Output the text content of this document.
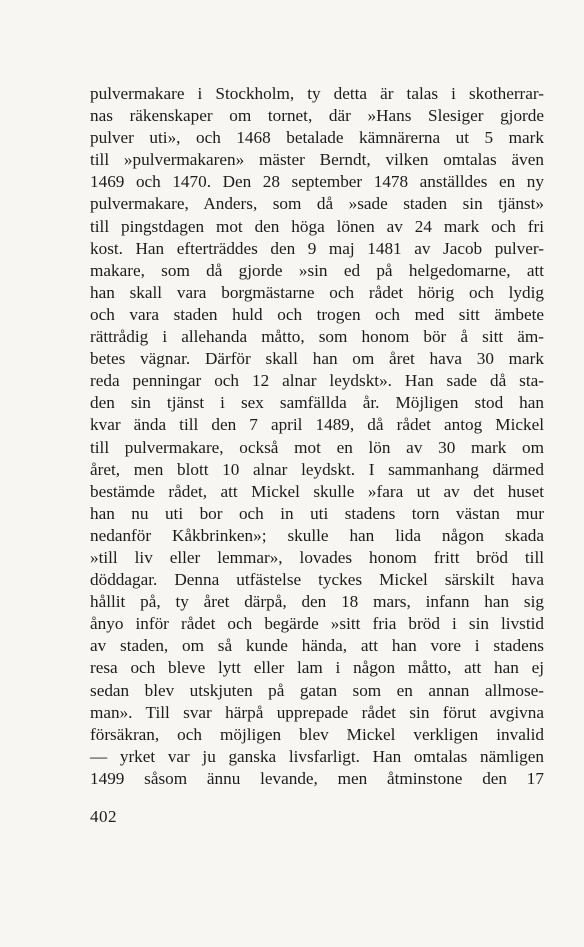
pulvermakare i Stockholm, ty detta är talas i skotherrar-
nas räkenskaper om tornet, där »Hans Slesiger gjorde
pulver uti», och 1468 betalade kämnärerna ut 5 mark
till »pulvermakaren» mäster Berndt, vilken omtalas även
1469 och 1470. Den 28 september 1478 anställdes en ny
pulvermakare, Anders, som då »sade staden sin tjänst»
till pingstdagen mot den höga lönen av 24 mark och fri
kost. Han efterträddes den 9 maj 1481 av Jacob pulver-
makare, som då gjorde »sin ed på helgedomarne, att
han skall vara borgmästarne och rådet hörig och lydig
och vara staden huld och trogen och med sitt ämbete
rättrådig i allehanda måtto, som honom bör å sitt äm-
betes vägnar. Därför skall han om året hava 30 mark
reda penningar och 12 alnar leydskt». Han sade då sta-
den sin tjänst i sex samfällda år. Möjligen stod han
kvar ända till den 7 april 1489, då rådet antog Mickel
till pulvermakare, också mot en lön av 30 mark om
året, men blott 10 alnar leydskt. I sammanhang därmed
bestämde rådet, att Mickel skulle »fara ut av det huset
han nu uti bor och in uti stadens torn västan mur
nedanför Kåkbrinken»; skulle han lida någon skada
»till liv eller lemmar», lovades honom fritt bröd till
döddagar. Denna utfästelse tyckes Mickel särskilt hava
hållit på, ty året därpå, den 18 mars, infann han sig
ånyo inför rådet och begärde »sitt fria bröd i sin livstid
av staden, om så kunde hända, att han vore i stadens
resa och bleve lytt eller lam i någon måtto, att han ej
sedan blev utskjuten på gatan som en annan allmose-
man». Till svar härpå upprepade rådet sin förut avgivna
försäkran, och möjligen blev Mickel verkligen invalid
— yrket var ju ganska livsfarligt. Han omtalas nämligen
1499 såsom ännu levande, men åtminstone den 17
402
